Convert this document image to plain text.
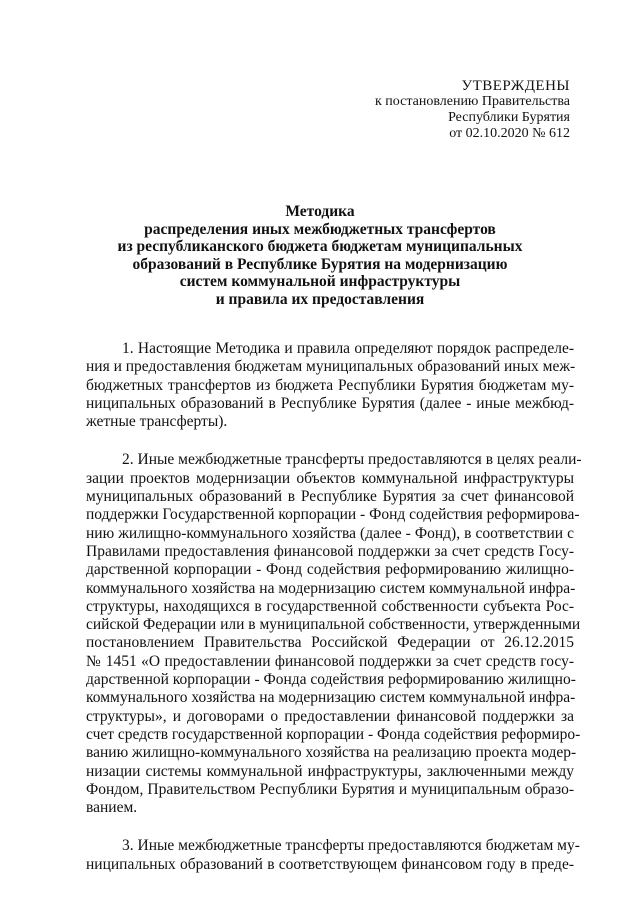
УТВЕРЖДЕНЫ
к постановлению Правительства
Республики Бурятия
от 02.10.2020 № 612
Методика
распределения иных межбюджетных трансфертов
из республиканского бюджета бюджетам муниципальных
образований в Республике Бурятия на модернизацию
систем коммунальной инфраструктуры
и правила их предоставления
1. Настоящие Методика и правила определяют порядок распределе-
ния и предоставления бюджетам муниципальных образований иных меж-
бюджетных трансфертов из бюджета Республики Бурятия бюджетам му-
ниципальных образований в Республике Бурятия (далее - иные межбюд-
жетные трансферты).
2. Иные межбюджетные трансферты предоставляются в целях реали-
зации проектов модернизации объектов коммунальной инфраструктуры
муниципальных образований в Республике Бурятия за счет финансовой
поддержки Государственной корпорации - Фонд содействия реформирова-
нию жилищно-коммунального хозяйства (далее - Фонд), в соответствии с
Правилами предоставления финансовой поддержки за счет средств Госу-
дарственной корпорации - Фонд содействия реформированию жилищно-
коммунального хозяйства на модернизацию систем коммунальной инфра-
структуры, находящихся в государственной собственности субъекта Рос-
сийской Федерации или в муниципальной собственности, утвержденными
постановлением Правительства Российской Федерации от 26.12.2015
№ 1451 «О предоставлении финансовой поддержки за счет средств госу-
дарственной корпорации - Фонда содействия реформированию жилищно-
коммунального хозяйства на модернизацию систем коммунальной инфра-
структуры», и договорами о предоставлении финансовой поддержки за
счет средств государственной корпорации - Фонда содействия реформиро-
ванию жилищно-коммунального хозяйства на реализацию проекта модер-
низации системы коммунальной инфраструктуры, заключенными между
Фондом, Правительством Республики Бурятия и муниципальным образо-
ванием.
3. Иные межбюджетные трансферты предоставляются бюджетам му-
ниципальных образований в соответствующем финансовом году в преде-
